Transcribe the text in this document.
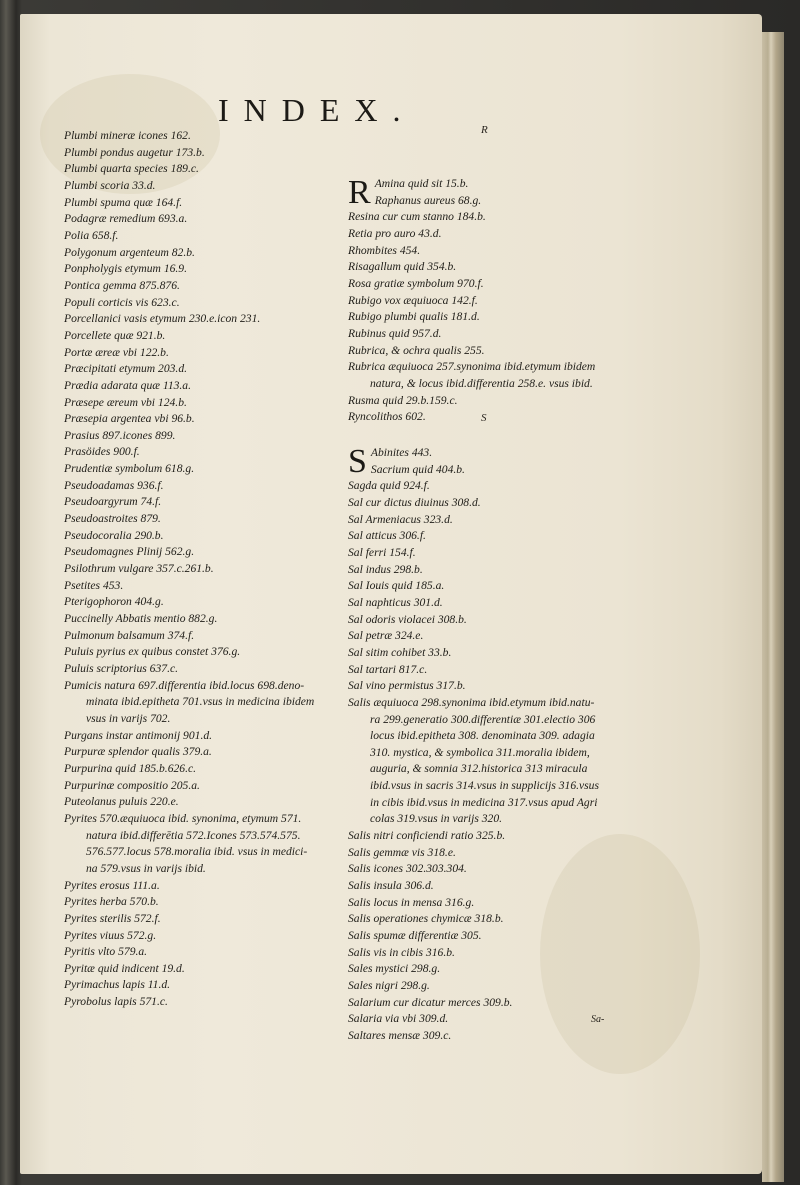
INDEX.
R
S
Plumbi mineræ icones 162.
Plumbi pondus augetur 173.b.
Plumbi quarta species 189.c.
Plumbi scoria 33.d.
Plumbi spuma quæ 164.f.
Podagræ remedium 693.a.
Polia 658.f.
Polygonum argenteum 82.b.
Ponpholygis etymum 16.9.
Pontica gemma 875.876.
Populi corticis vis 623.c.
Porcellanici vasis etymum 230.e.icon 231.
Porcellete quæ 921.b.
Portæ æreæ vbi 122.b.
Præcipitati etymum 203.d.
Prædia adarata quæ 113.a.
Præsepe æreum vbi 124.b.
Præsepia argentea vbi 96.b.
Prasius 897.icones 899.
Prasöides 900.f.
Prudentiæ symbolum 618.g.
Pseudoadamas 936.f.
Pseudoargyrum 74.f.
Pseudoastroites 879.
Pseudocoralia 290.b.
Pseudomagnes Plinij 562.g.
Psilothrum vulgare 357.c.261.b.
Psetites 453.
Pterigophoron 404.g.
Puccinelly Abbatis mentio 882.g.
Pulmonum balsamum 374.f.
Puluis pyrius ex quibus constet 376.g.
Puluis scriptorius 637.c.
Pumicis natura 697.differentia ibid.locus 698.deno-
minata ibid.epitheta 701.vsus in medicina ibidem
vsus in varijs 702.
Purgans instar antimonij 901.d.
Purpuræ splendor qualis 379.a.
Purpurina quid 185.b.626.c.
Purpurinæ compositio 205.a.
Puteolanus puluis 220.e.
Pyrites 570.æquiuoca ibid. synonima, etymum 571.
natura ibid.differētia 572.Icones 573.574.575.
576.577.locus 578.moralia ibid. vsus in medici-
na 579.vsus in varijs ibid.
Pyrites erosus 111.a.
Pyrites herba 570.b.
Pyrites sterilis 572.f.
Pyrites viuus 572.g.
Pyritis vlto 579.a.
Pyritæ quid indicent 19.d.
Pyrimachus lapis 11.d.
Pyrobolus lapis 571.c.
R Amina quid sit 15.b.
Raphanus aureus 68.g.
Resina cur cum stanno 184.b.
Retia pro auro 43.d.
Rhombites 454.
Risagallum quid 354.b.
Rosa gratiæ symbolum 970.f.
Rubigo vox æquiuoca 142.f.
Rubigo plumbi qualis 181.d.
Rubinus quid 957.d.
Rubrica, & ochra qualis 255.
Rubrica æquiuoca 257.synonima ibid.etymum ibidem
natura, & locus ibid.differentia 258.e. vsus ibid.
Rusma quid 29.b.159.c.
Ryncolithos 602.
S Abinites 443.
Sacrium quid 404.b.
Sagda quid 924.f.
Sal cur dictus diuinus 308.d.
Sal Armeniacus 323.d.
Sal atticus 306.f.
Sal ferri 154.f.
Sal indus 298.b.
Sal Iouis quid 185.a.
Sal naphticus 301.d.
Sal odoris violacei 308.b.
Sal petræ 324.e.
Sal sitim cohibet 33.b.
Sal tartari 817.c.
Sal vino permistus 317.b.
Salis æquiuoca 298.synonima ibid.etymum ibid.natu-
ra 299.generatio 300.differentiæ 301.electio 306
locus ibid.epitheta 308. denominata 309. adagia
310. mystica, & symbolica 311.moralia ibidem,
auguria, & somnia 312.historica 313 miracula
ibid.vsus in sacris 314.vsus in supplicijs 316.vsus
in cibis ibid.vsus in medicina 317.vsus apud Agri
colas 319.vsus in varijs 320.
Salis nitri conficiendi ratio 325.b.
Salis gemmæ vis 318.e.
Salis icones 302.303.304.
Salis insula 306.d.
Salis locus in mensa 316.g.
Salis operationes chymicæ 318.b.
Salis spumæ differentiæ 305.
Salis vis in cibis 316.b.
Sales mystici 298.g.
Sales nigri 298.g.
Salarium cur dicatur merces 309.b.
Salaria via vbi 309.d.
Saltares mensæ 309.c.
Sa-
